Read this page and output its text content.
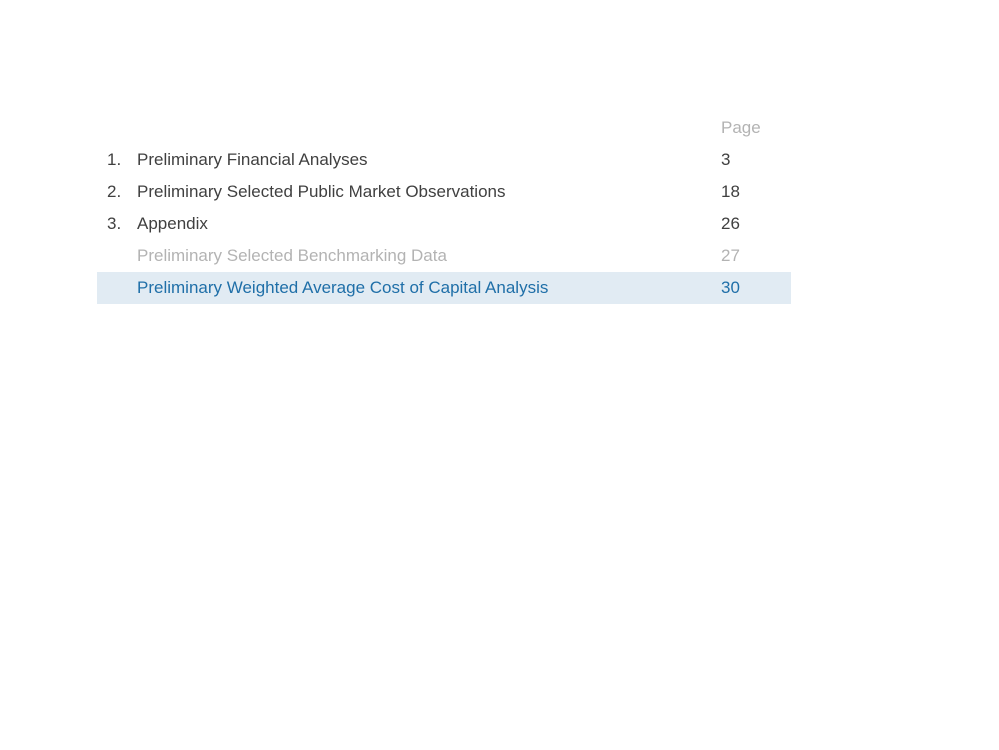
Page
1. Preliminary Financial Analyses	3
2. Preliminary Selected Public Market Observations	18
3. Appendix	26
Preliminary Selected Benchmarking Data	27
Preliminary Weighted Average Cost of Capital Analysis	30
